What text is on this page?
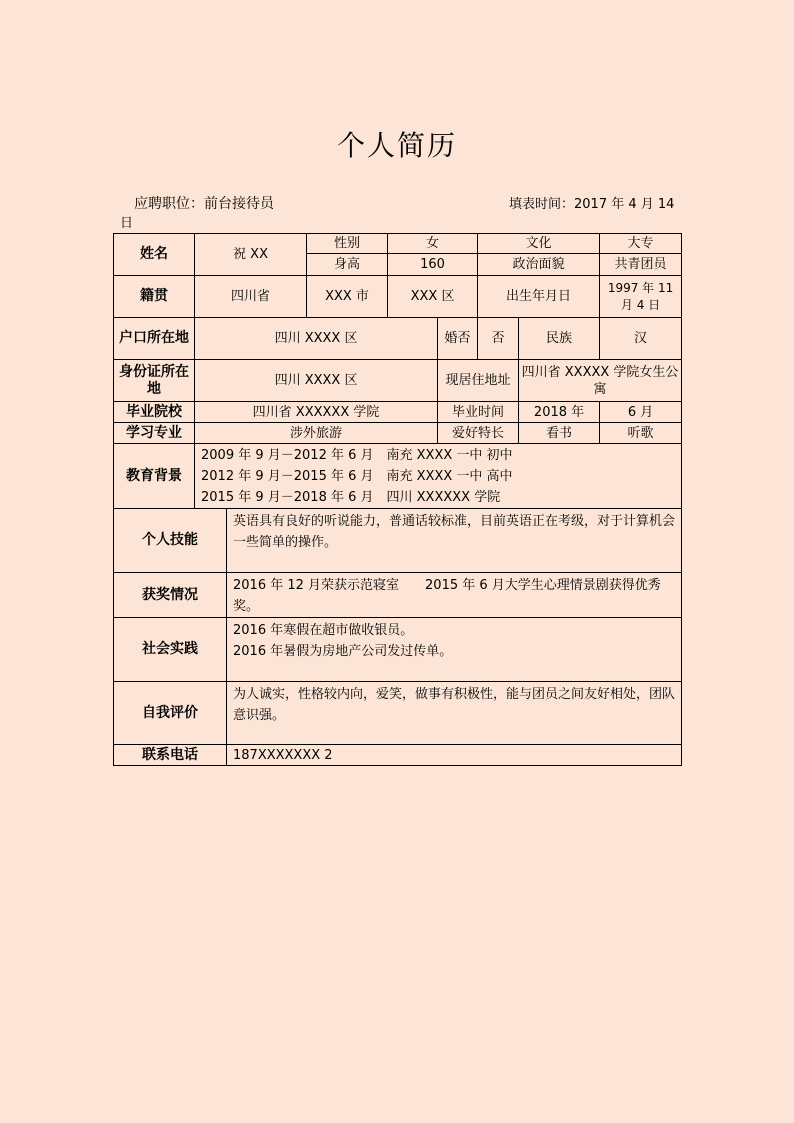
个人简历
应聘职位：前台接待员	填表时间：2017 年 4 月 14
日
姓名	祝 XX		性别	女		文化		大专	
			身高	160		政治面貌		共青团员	
籍贯	四川省		XXX 市	XXX 区		出生年月日		1997 年 11 月 4 日	
户口所在地	四川 XXXX 区				婚否	否	民族	汉	
身份证所在地	四川 XXXX 区				现居住地址		四川省 XXXXX 学院女生公寓		
毕业院校	四川省 XXXXXX 学院				毕业时间		2018 年	6 月	
学习专业	涉外旅游				爱好特长		看书	听歌	
教育背景	2009 年 9 月－2012 年 6 月　南充 XXXX 一中 初中
2012 年 9 月－2015 年 6 月　南充 XXXX 一中 高中
2015 年 9 月－2018 年 6 月　四川 XXXXXX 学院								

个人技能		英语具有良好的听说能力，普通话较标准，目前英语正在考级，对于计算机会一些简单的操作。							
获奖情况		2016 年 12 月荣获示范寝室　　2015 年 6 月大学生心理情景剧获得优秀奖。							
社会实践		2016 年寒假在超市做收银员。
2016 年暑假为房地产公司发过传单。							

自我评价		为人诚实，性格较内向，爱笑，做事有积极性，能与团员之间友好相处，团队意识强。							
联系电话		187XXXXXXX 2							
